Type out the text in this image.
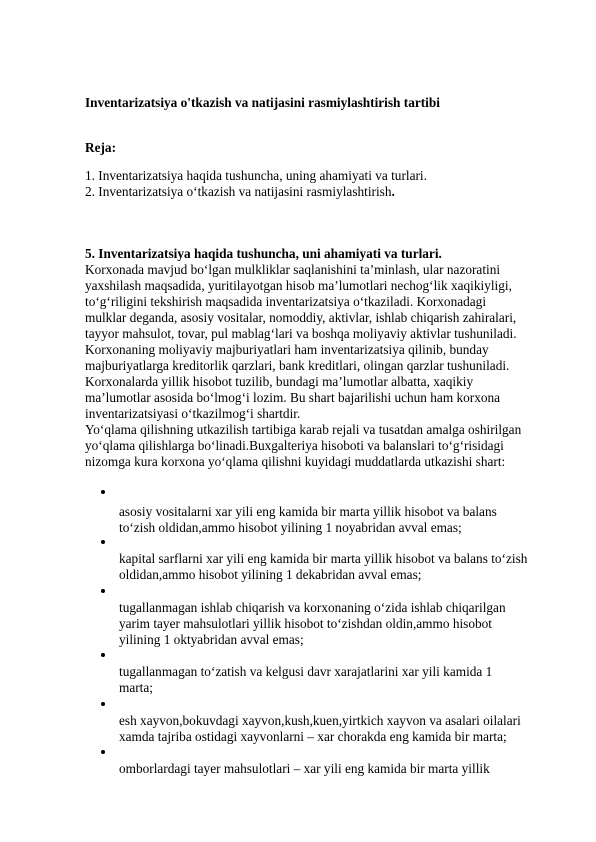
Inventarizatsiya o'tkazish va natijasini rasmiylashtirish tartibi

Reja:

1. Inventarizatsiya haqida tushuncha, uning ahamiyati va turlari.

2. Inventarizatsiya o‘tkazish va natijasini rasmiylashtirish.

5. Inventarizatsiya haqida tushuncha, uni ahamiyati va turlari.

Korxonada mavjud bo‘lgan mulkliklar saqlanishini ta’minlash, ular nazoratini
yaxshilash maqsadida, yuritilayotgan hisob ma’lumotlari nechog‘lik xaqikiyligi,
to‘g‘riligini tekshirish maqsadida inventarizatsiya o‘tkaziladi. Korxonadagi
mulklar deganda, asosiy vositalar, nomoddiy, aktivlar, ishlab chiqarish zahiralari,
tayyor mahsulot, tovar, pul mablag‘lari va boshqa moliyaviy aktivlar tushuniladi.
Korxonaning moliyaviy majburiyatlari ham inventarizatsiya qilinib, bunday
majburiyatlarga kreditorlik qarzlari, bank kreditlari, olingan qarzlar tushuniladi.
Korxonalarda yillik hisobot tuzilib, bundagi ma’lumotlar albatta, xaqikiy
ma’lumotlar asosida bo‘lmog‘i lozim. Bu shart bajarilishi uchun ham korxona
inventarizatsiyasi o‘tkazilmog‘i shartdir.
Yo‘qlama qilishning utkazilish tartibiga karab rejali va tusatdan amalga oshirilgan
yo‘qlama qilishlarga bo‘linadi.Buxgalteriya hisoboti va balanslari to‘g‘risidagi
nizomga kura korxona yo‘qlama qilishni kuyidagi muddatlarda utkazishi shart:
asosiy vositalarni xar yili eng kamida bir marta yillik hisobot va balans
to‘zish oldidan,ammo hisobot yilining 1 noyabridan avval emas;
kapital sarflarni xar yili eng kamida bir marta yillik hisobot va balans to‘zish
oldidan,ammo hisobot yilining 1 dekabridan avval emas;
tugallanmagan ishlab chiqarish va korxonaning o‘zida ishlab chiqarilgan
yarim tayer mahsulotlari yillik hisobot to‘zishdan oldin,ammo hisobot
yilining 1 oktyabridan avval emas;
tugallanmagan to‘zatish va kelgusi davr xarajatlarini xar yili kamida 1
marta;
esh xayvon,bokuvdagi xayvon,kush,kuen,yirtkich xayvon va asalari oilalari
xamda tajriba ostidagi xayvonlarni – xar chorakda eng kamida bir marta;
omborlardagi tayer mahsulotlari – xar yili eng kamida bir marta yillik
